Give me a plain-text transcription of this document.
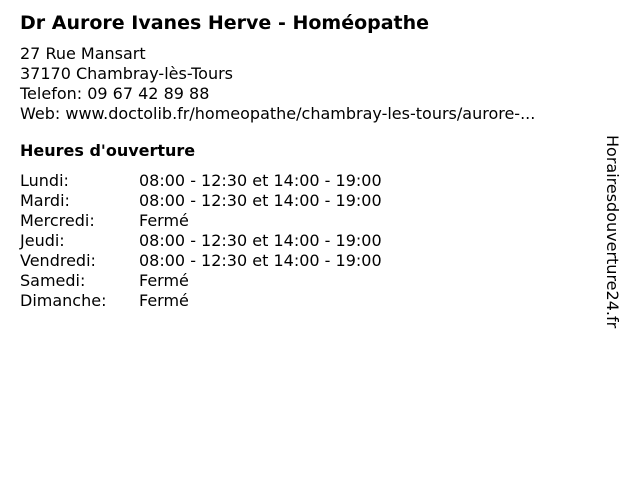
Dr Aurore Ivanes Herve - Homéopathe
27 Rue Mansart
37170 Chambray-lès-Tours
Telefon: 09 67 42 89 88
Web: www.doctolib.fr/homeopathe/chambray-les-tours/aurore-...
Heures d'ouverture
Lundi:	08:00 - 12:30 et 14:00 - 19:00
Mardi:	08:00 - 12:30 et 14:00 - 19:00
Mercredi:	Fermé
Jeudi:	08:00 - 12:30 et 14:00 - 19:00
Vendredi:	08:00 - 12:30 et 14:00 - 19:00
Samedi:	Fermé
Dimanche:	Fermé	Horairesdouverture24.fr
